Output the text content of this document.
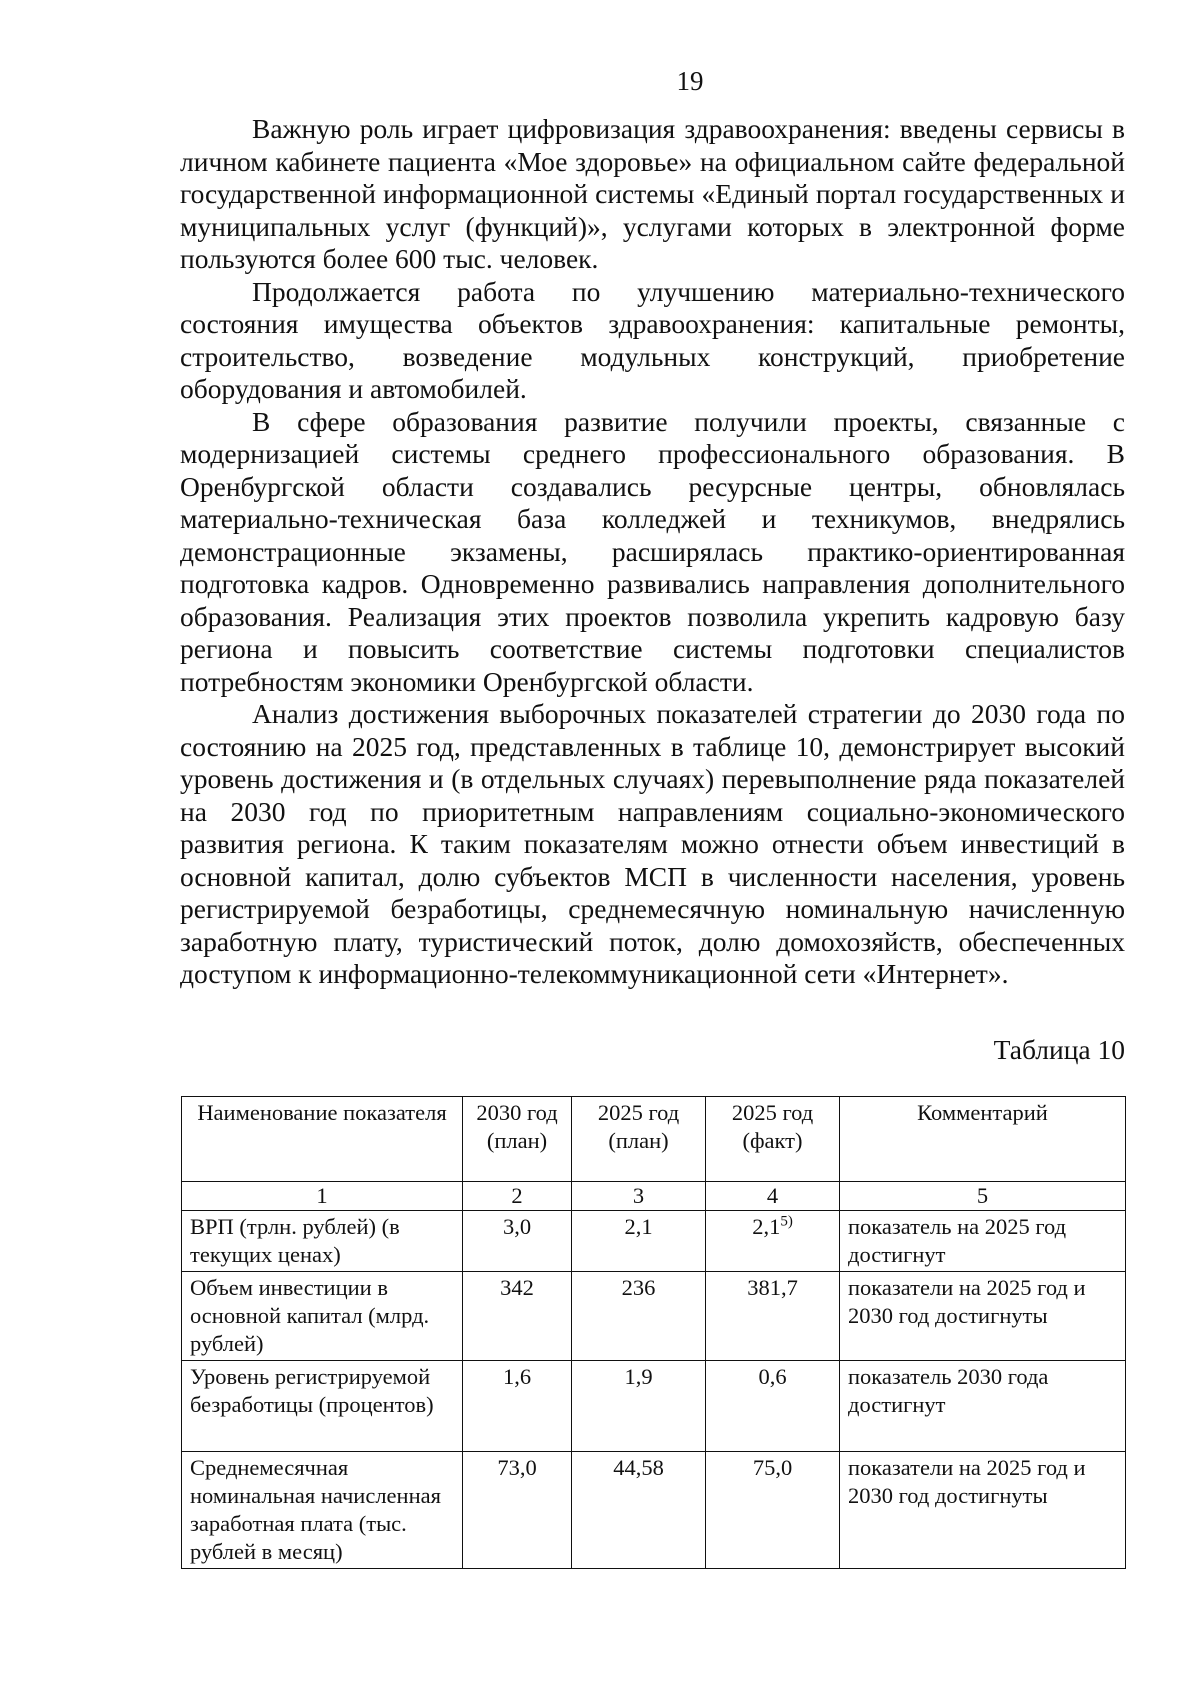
19

Важную роль играет цифровизация здравоохранения: введены сервисы в личном кабинете пациента «Мое здоровье» на официальном сайте федеральной государственной информационной системы «Единый портал государственных и муниципальных услуг (функций)», услугами которых в электронной форме пользуются более 600 тыс. человек.

Продолжается работа по улучшению материально-технического состояния имущества объектов здравоохранения: капитальные ремонты, строительство, возведение модульных конструкций, приобретение оборудования и автомобилей.

В сфере образования развитие получили проекты, связанные с модернизацией системы среднего профессионального образования. В Оренбургской области создавались ресурсные центры, обновлялась материально-техническая база колледжей и техникумов, внедрялись демонстрационные экзамены, расширялась практико-ориентированная подготовка кадров. Одновременно развивались направления дополнительного образования. Реализация этих проектов позволила укрепить кадровую базу региона и повысить соответствие системы подготовки специалистов потребностям экономики Оренбургской области.

Анализ достижения выборочных показателей стратегии до 2030 года по состоянию на 2025 год, представленных в таблице 10, демонстрирует высокий уровень достижения и (в отдельных случаях) перевыполнение ряда показателей на 2030 год по приоритетным направлениям социально-экономического развития региона. К таким показателям можно отнести объем инвестиций в основной капитал, долю субъектов МСП в численности населения, уровень регистрируемой безработицы, среднемесячную номинальную начисленную заработную плату, туристический поток, долю домохозяйств, обеспеченных доступом к информационно-телекоммуникационной сети «Интернет».

Таблица 10
Наименование показателя	2030 год (план)	2025 год (план)	2025 год (факт)	Комментарий
1	2	3	4	5
ВРП (трлн. рублей) (в текущих ценах)	3,0	2,1	2,1$^{5)}$	показатель на 2025 год достигнут
Объем инвестиции в основной капитал (млрд. рублей)	342	236	381,7	показатели на 2025 год и 2030 год достигнуты
Уровень регистрируемой безработицы (процентов)	1,6	1,9	0,6	показатель 2030 года достигнут
Среднемесячная номинальная начисленная заработная плата (тыс. рублей в месяц)	73,0	44,58	75,0	показатели на 2025 год и 2030 год достигнуты
